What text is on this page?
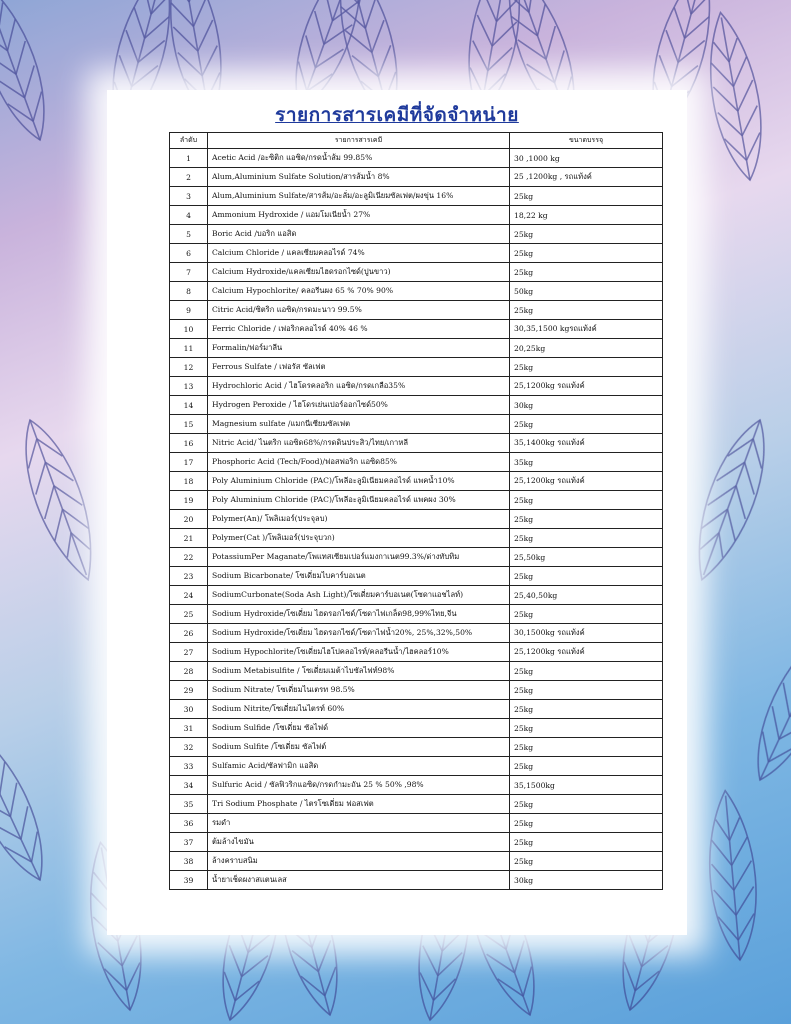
รายการสารเคมีที่จัดจำหน่าย
ลำดับ	รายการสารเคมี	ขนาดบรรจุ
1	Acetic Acid /อะซิติก แอซิด/กรดน้ำส้ม 99.85%	30 ,1000 kg
2	Alum,Aluminium Sulfate Solution/สารส้มน้ำ 8%	25 ,1200kg , รถแท้งค์
3	Alum,Aluminium Sulfate/สารส้ม/อะลั่ม/อะลูมิเนียมซัลเฟต/ผงขุ่น 16%	25kg
4	Ammonium Hydroxide / แอมโมเนียน้ำ 27%	18,22 kg
5	Boric Acid /บอริก แอสิด	25kg
6	Calcium Chloride / แคลเซียมคลอไรด์ 74%	25kg
7	Calcium Hydroxide/แคลเซียมไฮดรอกไซด์(ปูนขาว)	25kg
8	Calcium Hypochlorite/ คลอรีนผง 65 % 70% 90%	50kg
9	Citric Acid/ซิตริก แอซิด/กรดมะนาว 99.5%	25kg
10	Ferric Chloride / เฟอริกคลอไรด์ 40% 46 %	30,35,1500 kgรถแท้งค์
11	Formalin/ฟอร์มาลีน	20,25kg
12	Ferrous Sulfate / เฟอรัส ซัลเฟต	25kg
13	Hydrochloric Acid / ไฮโดรคลอริก แอซิด/กรดเกลือ35%	25,1200kg รถแท้งค์
14	Hydrogen Peroxide / ไฮโดรเย่นเปอร์ออกไซด์50%	30kg
15	Magnesium sulfate /แมกนีเซียมซัลเฟต	25kg
16	Nitric Acid/ ไนตริก แอซิด68%/กรดดินประสิว/ไทย/เกาหลี	35,1400kg รถแท้งค์
17	Phosphoric Acid (Tech/Food)/ฟอสฟอริก แอซิด85%	35kg
18	Poly Aluminium Chloride (PAC)/โพลีอะลูมิเนียมคลอไรด์ แพคน้ำ10%	25,1200kg รถแท้งค์
19	Poly Aluminium Chloride (PAC)/โพลีอะลูมิเนียมคลอไรด์ แพคผง 30%	25kg
20	Polymer(An)/ โพลิเมอร์(ประจุลบ)	25kg
21	Polymer(Cat )/โพลิเมอร์(ประจุบวก)	25kg
22	PotassiumPer Maganate/โพแทสเซียมเปอร์แมงกาเนต99.3%/ด่างทับทิม	25,50kg
23	Sodium Bicarbonate/ โซเดี่ยมไบคาร์บอเนต	25kg
24	SodiumCurbonate(Soda Ash Light)/โซเดี่ยมคาร์บอเนต(โซดาแอชไลท์)	25,40,50kg
25	Sodium Hydroxide/โซเดี่ยม ไฮดรอกไซด์/โซดาไฟเกล็ด98,99%ไทย,จีน	25kg
26	Sodium Hydroxide/โซเดี่ยม ไฮดรอกไซด์/โซดาไฟน้ำ20%, 25%,32%,50%	30,1500kg รถแท้งค์
27	Sodium Hypochlorite/โซเดี่ยมไฮโปคลอไรท์/คลอรีนน้ำ/ไฮคลอร์10%	25,1200kg รถแท้งค์
28	Sodium Metabisulfite / โซเดี่ยมเมต้าไบซัลไฟท์98%	25kg
29	Sodium Nitrate/ โซเดี่ยมไนเตรท 98.5%	25kg
30	Sodium Nitrite/โซเดี่ยมไนไตรท์ 60%	25kg
31	Sodium Sulfide /โซเดี่ยม ซัลไฟด์	25kg
32	Sodium Sulfite /โซเดี่ยม ซัลไฟต์	25kg
33	Sulfamic Acid/ซัลฟามิก แอสิด	25kg
34	Sulfuric Acid / ซัลฟิวริกแอซิด/กรดกำมะถัน 25 % 50% ,98%	35,1500kg
35	Tri Sodium Phosphate / ไตรโซเดี่ยม ฟอสเฟต	25kg
36	รมดำ	25kg
37	ต้มล้างไขมัน	25kg
38	ล้างคราบสนิม	25kg
39	น้ำยาเช็ดผงาสแตนเลส	30kg
